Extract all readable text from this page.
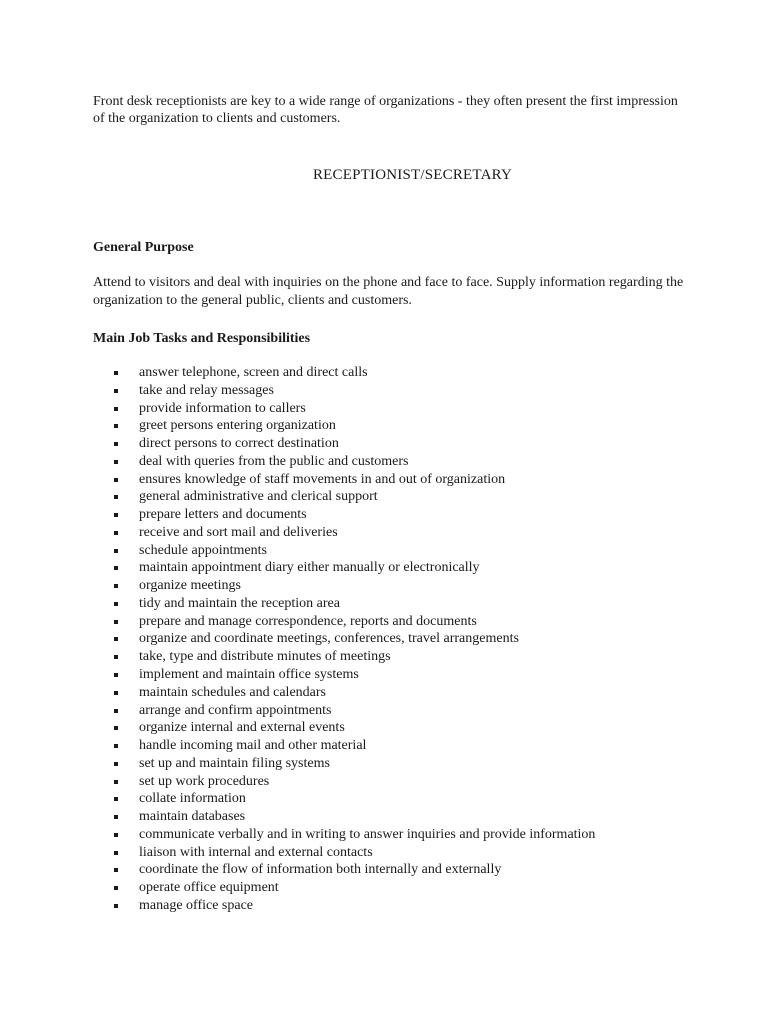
Front desk receptionists are key to a wide range of organizations - they often present the first impression of the organization to clients and customers.

RECEPTIONIST/SECRETARY
General Purpose

Attend to visitors and deal with inquiries on the phone and face to face. Supply information regarding the organization to the general public, clients and customers.

Main Job Tasks and Responsibilities
answer telephone, screen and direct calls
take and relay messages
provide information to callers
greet persons entering organization
direct persons to correct destination
deal with queries from the public and customers
ensures knowledge of staff movements in and out of organization
general administrative and clerical support
prepare letters and documents
receive and sort mail and deliveries
schedule appointments
maintain appointment diary either manually or electronically
organize meetings
tidy and maintain the reception area
prepare and manage correspondence, reports and documents
organize and coordinate meetings, conferences, travel arrangements
take, type and distribute minutes of meetings
implement and maintain office systems
maintain schedules and calendars
arrange and confirm appointments
organize internal and external events
handle incoming mail and other material
set up and maintain filing systems
set up work procedures
collate information
maintain databases
communicate verbally and in writing to answer inquiries and provide information
liaison with internal and external contacts
coordinate the flow of information both internally and externally
operate office equipment
manage office space
